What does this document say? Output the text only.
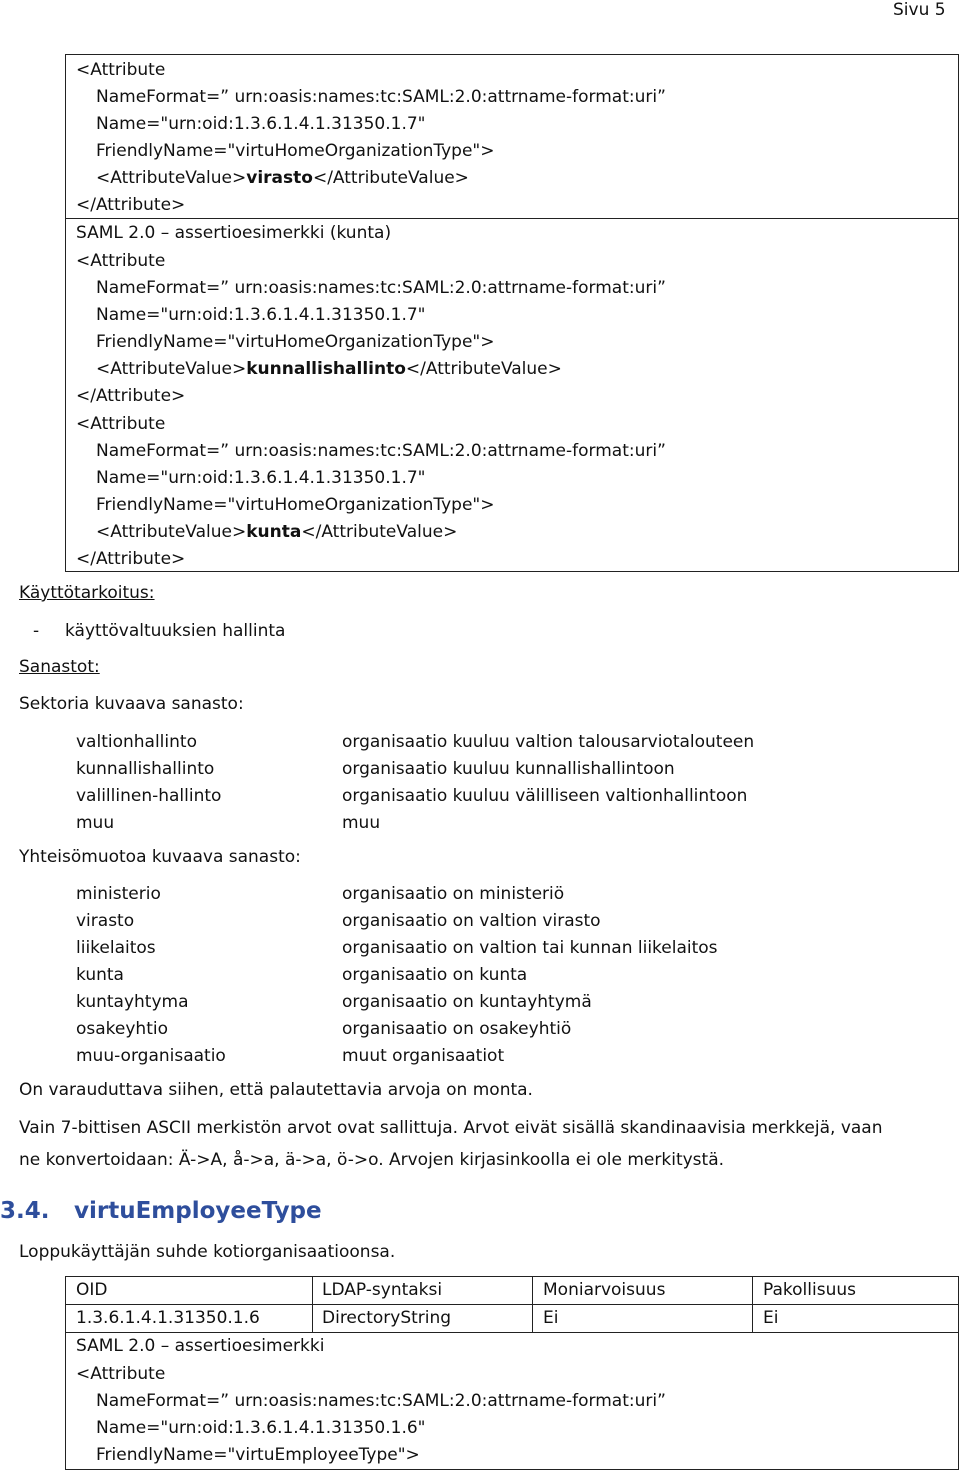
Sivu 5
<Attribute
NameFormat=” urn:oasis:names:tc:SAML:2.0:attrname-format:uri”
Name="urn:oid:1.3.6.1.4.1.31350.1.7"
FriendlyName="virtuHomeOrganizationType">
<AttributeValue>virasto</AttributeValue>
</Attribute>
SAML 2.0 – assertioesimerkki (kunta)
<Attribute
NameFormat=” urn:oasis:names:tc:SAML:2.0:attrname-format:uri”
Name="urn:oid:1.3.6.1.4.1.31350.1.7"
FriendlyName="virtuHomeOrganizationType">
<AttributeValue>kunnallishallinto</AttributeValue>
</Attribute>
<Attribute
NameFormat=” urn:oasis:names:tc:SAML:2.0:attrname-format:uri”
Name="urn:oid:1.3.6.1.4.1.31350.1.7"
FriendlyName="virtuHomeOrganizationType">
<AttributeValue>kunta</AttributeValue>
</Attribute>
Käyttötarkoitus:
- käyttövaltuuksien hallinta
Sanastot:
Sektoria kuvaava sanasto:
valtionhallinto	organisaatio kuuluu valtion talousarviotalouteen
kunnallishallinto	organisaatio kuuluu kunnallishallintoon
valillinen-hallinto	organisaatio kuuluu välilliseen valtionhallintoon
muu	muu
Yhteisömuotoa kuvaava sanasto:
ministerio	organisaatio on ministeriö
virasto	organisaatio on valtion virasto
liikelaitos	organisaatio on valtion tai kunnan liikelaitos
kunta	organisaatio on kunta
kuntayhtyma	organisaatio on kuntayhtymä
osakeyhtio	organisaatio on osakeyhtiö
muu-organisaatio	muut organisaatiot
On varauduttava siihen, että palautettavia arvoja on monta.
Vain 7-bittisen ASCII merkistön arvot ovat sallittuja. Arvot eivät sisällä skandinaavisia merkkejä, vaan
ne konvertoidaan: Ä->A, å->a, ä->a, ö->o. Arvojen kirjasinkoolla ei ole merkitystä.
3.4. virtuEmployeeType
Loppukäyttäjän suhde kotiorganisaatioonsa.
OID	LDAP-syntaksi	Moniarvoisuus	Pakollisuus
1.3.6.1.4.1.31350.1.6	DirectoryString	Ei	Ei
SAML 2.0 – assertioesimerkki
<Attribute
NameFormat=” urn:oasis:names:tc:SAML:2.0:attrname-format:uri”
Name="urn:oid:1.3.6.1.4.1.31350.1.6"
FriendlyName="virtuEmployeeType">
